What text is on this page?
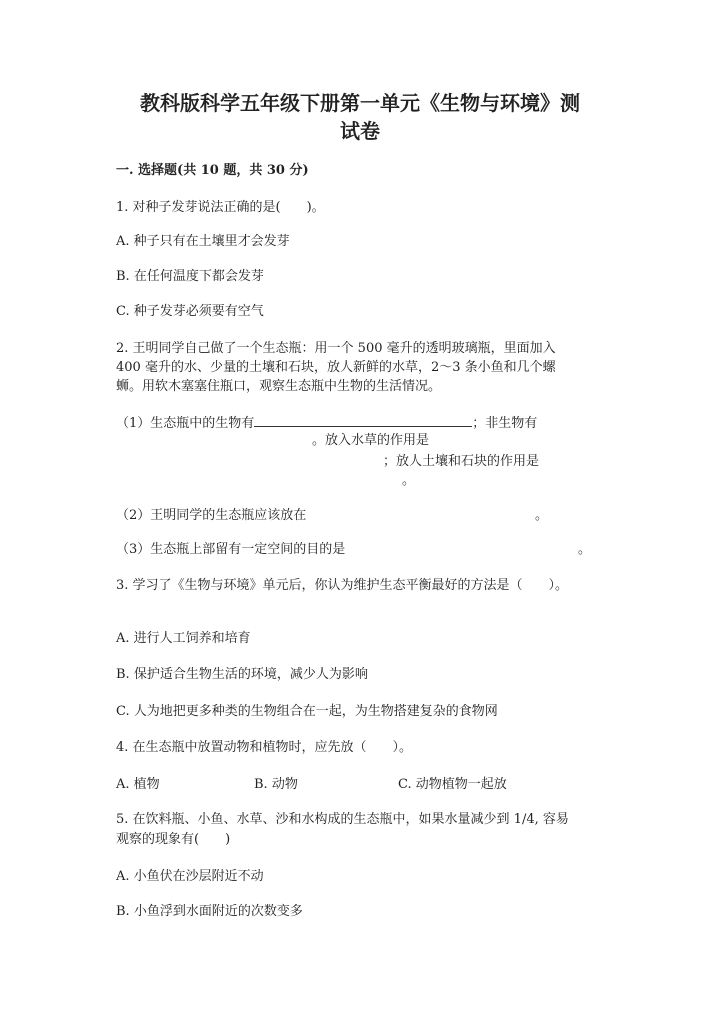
教科版科学五年级下册第一单元《生物与环境》测
试卷
一. 选择题(共 10 题，共 30 分)
1. 对种子发芽说法正确的是(　　)。
A. 种子只有在土壤里才会发芽
B. 在任何温度下都会发芽
C. 种子发芽必须要有空气
2. 王明同学自己做了一个生态瓶：用一个 500 毫升的透明玻璃瓶，里面加入
400 毫升的水、少量的土壤和石块，放人新鲜的水草，2～3 条小鱼和几个螺
蛳。用软木塞塞住瓶口，观察生态瓶中生物的生活情况。
（1）生态瓶中的生物有	；非生物有
。放入水草的作用是
；放人土壤和石块的作用是
。
（2）王明同学的生态瓶应该放在	。
（3）生态瓶上部留有一定空间的目的是	。
3. 学习了《生物与环境》单元后，你认为维护生态平衡最好的方法是（　　）。
A. 进行人工饲养和培育
B. 保护适合生物生活的环境，减少人为影响
C. 人为地把更多种类的生物组合在一起，为生物搭建复杂的食物网
4. 在生态瓶中放置动物和植物时，应先放（　　）。
A. 植物	B. 动物	C. 动物植物一起放
5. 在饮料瓶、小鱼、水草、沙和水构成的生态瓶中，如果水量减少到 1/4, 容易
观察的现象有(　　)
A. 小鱼伏在沙层附近不动
B. 小鱼浮到水面附近的次数变多
